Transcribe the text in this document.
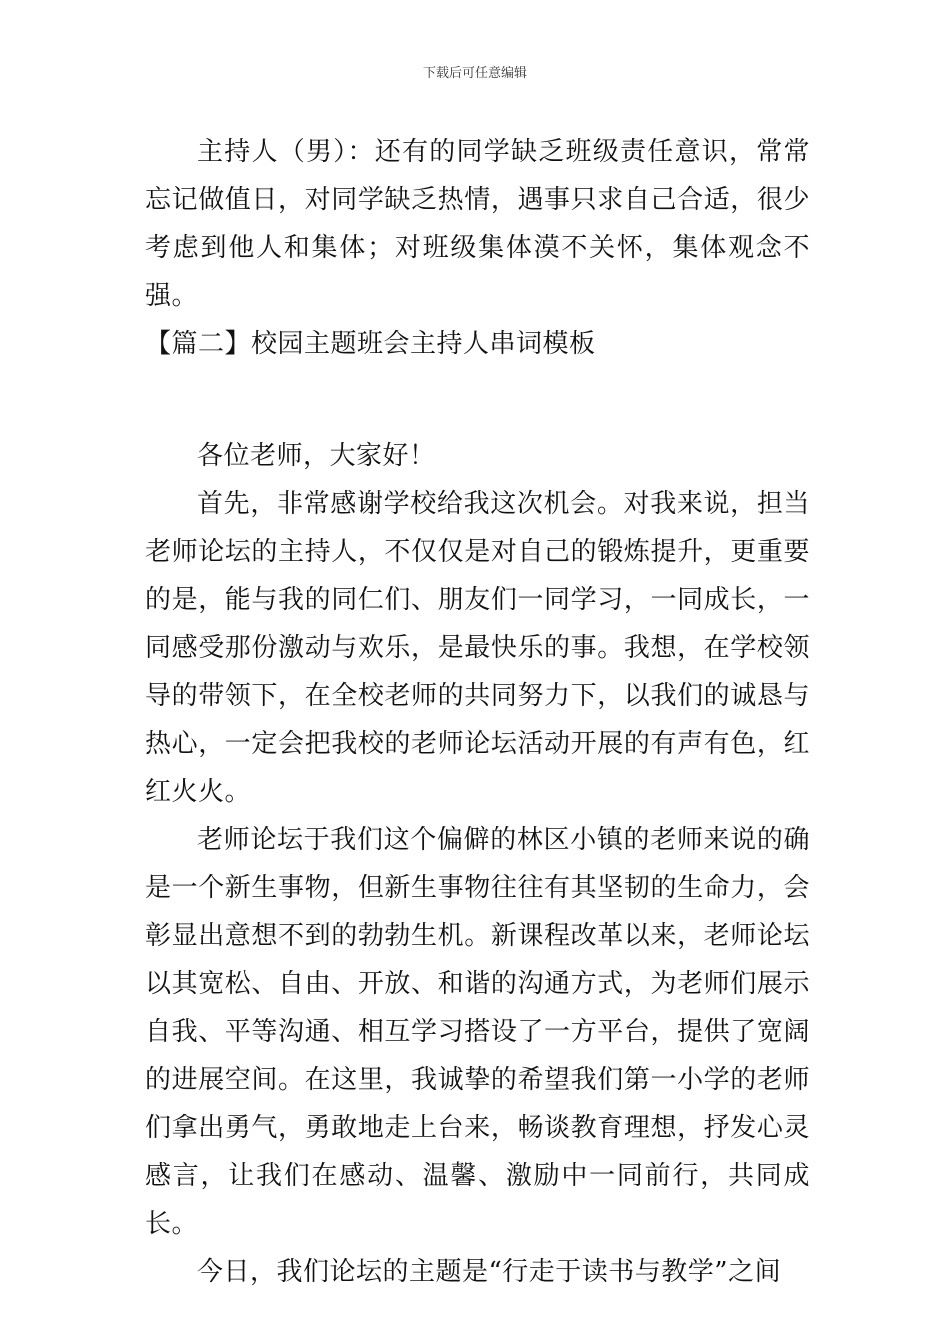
下载后可任意编辑

主持人（男）：还有的同学缺乏班级责任意识，常常忘记做值日，对同学缺乏热情，遇事只求自己合适，很少考虑到他人和集体；对班级集体漠不关怀，集体观念不强。

【篇二】校园主题班会主持人串词模板

各位老师，大家好！

首先，非常感谢学校给我这次机会。对我来说，担当老师论坛的主持人，不仅仅是对自己的锻炼提升，更重要的是，能与我的同仁们、朋友们一同学习，一同成长，一同感受那份激动与欢乐，是最快乐的事。我想，在学校领导的带领下，在全校老师的共同努力下，以我们的诚恳与热心，一定会把我校的老师论坛活动开展的有声有色，红红火火。

老师论坛于我们这个偏僻的林区小镇的老师来说的确是一个新生事物，但新生事物往往有其坚韧的生命力，会彰显出意想不到的勃勃生机。新课程改革以来，老师论坛以其宽松、自由、开放、和谐的沟通方式，为老师们展示自我、平等沟通、相互学习搭设了一方平台，提供了宽阔的进展空间。在这里，我诚挚的希望我们第一小学的老师们拿出勇气，勇敢地走上台来，畅谈教育理想，抒发心灵感言，让我们在感动、温馨、激励中一同前行，共同成长。

今日，我们论坛的主题是“行走于读书与教学”之间
